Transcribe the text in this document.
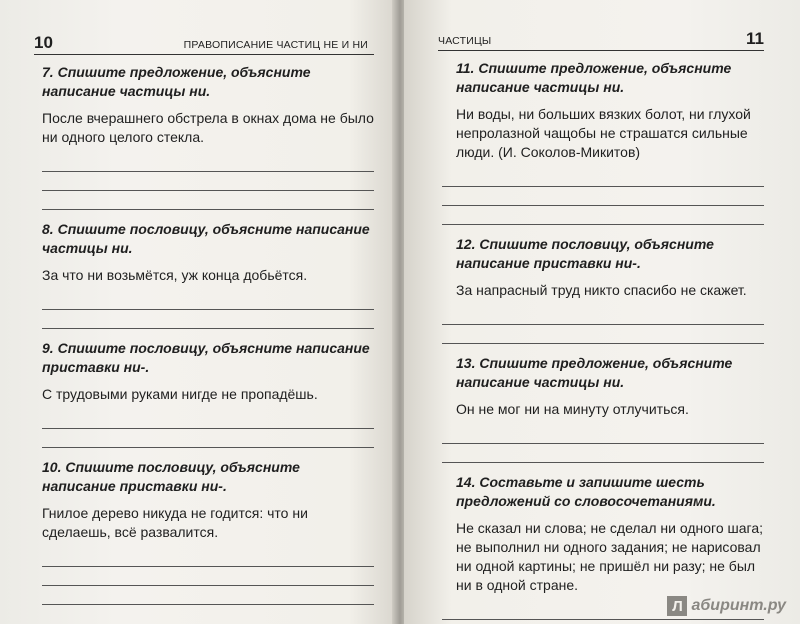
10	ПРАВОПИСАНИЕ ЧАСТИЦ НЕ И НИ

7. Спишите предложение, объясните написание частицы ни.

После вчерашнего обстрела в окнах дома не было ни одного целого стекла.

8. Спишите пословицу, объясните написание частицы ни.

За что ни возьмётся, уж конца добьётся.

9. Спишите пословицу, объясните написание приставки ни-.

С трудовыми руками нигде не пропадёшь.

10. Спишите пословицу, объясните написание приставки ни-.

Гнилое дерево никуда не годится: что ни сделаешь, всё развалится.

ЧАСТИЦЫ	11

11. Спишите предложение, объясните написание частицы ни.

Ни воды, ни больших вязких болот, ни глухой непролазной чащобы не страшатся сильные люди. (И. Соколов-Микитов)

12. Спишите пословицу, объясните написание приставки ни-.

За напрасный труд никто спасибо не скажет.

13. Спишите предложение, объясните написание частицы ни.

Он не мог ни на минуту отлучиться.

14. Составьте и запишите шесть предложений со словосочетаниями.

Не сказал ни слова; не сделал ни одного шага; не выполнил ни одного задания; не нарисовал ни одной картины; не пришёл ни разу; не был ни в одной стране.

Л абиринт.ру
